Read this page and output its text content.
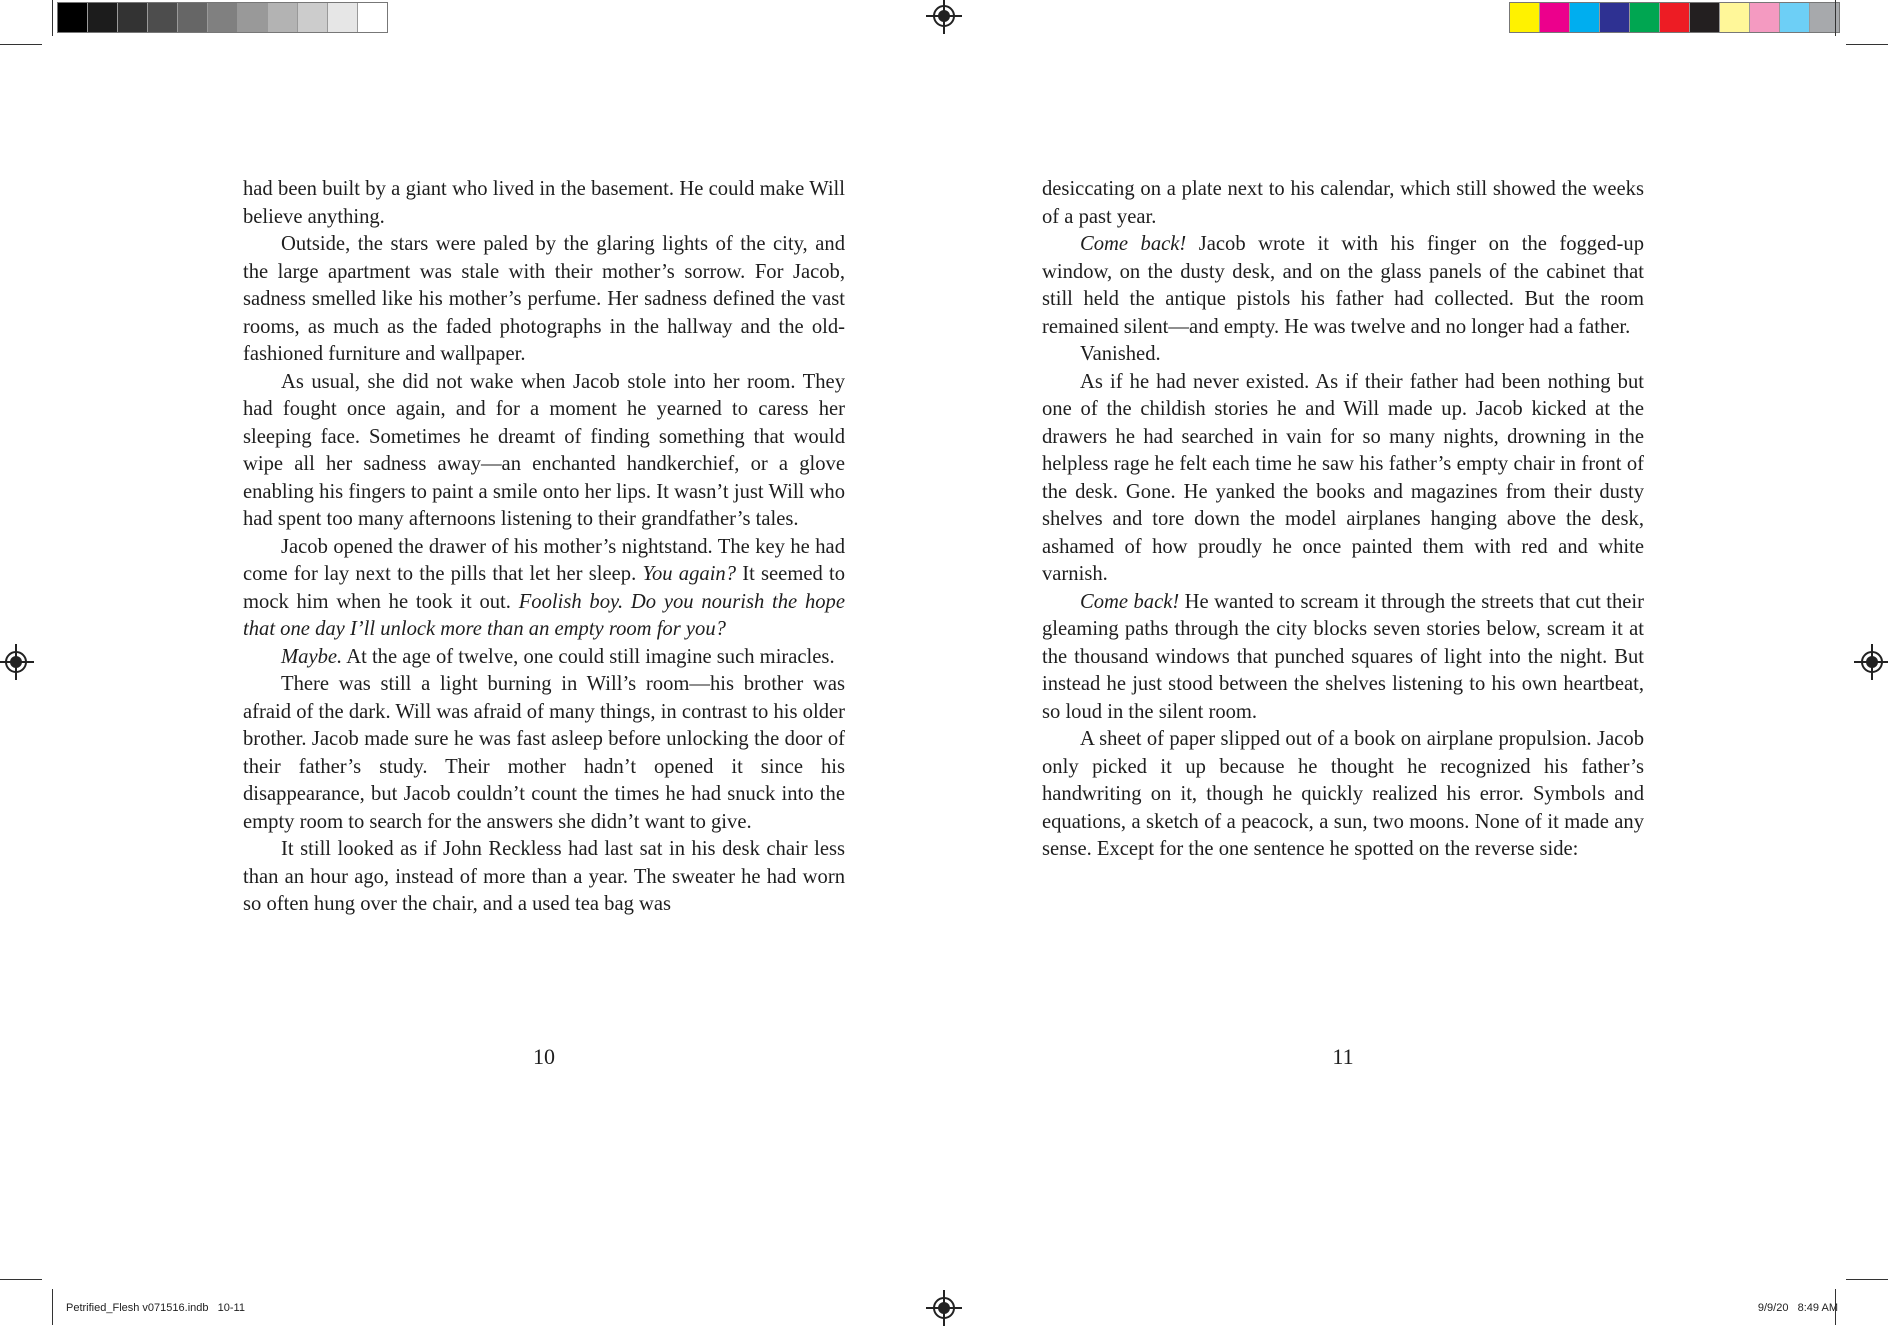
had been built by a giant who lived in the basement. He could make Will believe anything.

Outside, the stars were paled by the glaring lights of the city, and the large apartment was stale with their mother’s sorrow. For Jacob, sadness smelled like his mother’s perfume. Her sadness defined the vast rooms, as much as the faded photographs in the hallway and the old-fashioned furniture and wallpaper.

As usual, she did not wake when Jacob stole into her room. They had fought once again, and for a moment he yearned to caress her sleeping face. Sometimes he dreamt of finding something that would wipe all her sadness away—an enchanted handkerchief, or a glove enabling his fingers to paint a smile onto her lips. It wasn’t just Will who had spent too many afternoons listening to their grandfather’s tales.

Jacob opened the drawer of his mother’s nightstand. The key he had come for lay next to the pills that let her sleep. You again? It seemed to mock him when he took it out. Foolish boy. Do you nourish the hope that one day I’ll unlock more than an empty room for you?

Maybe. At the age of twelve, one could still imagine such miracles.

There was still a light burning in Will’s room—his brother was afraid of the dark. Will was afraid of many things, in contrast to his older brother. Jacob made sure he was fast asleep before unlocking the door of their father’s study. Their mother hadn’t opened it since his disappearance, but Jacob couldn’t count the times he had snuck into the empty room to search for the answers she didn’t want to give.

It still looked as if John Reckless had last sat in his desk chair less than an hour ago, instead of more than a year. The sweater he had worn so often hung over the chair, and a used tea bag was

desiccating on a plate next to his calendar, which still showed the weeks of a past year.

Come back! Jacob wrote it with his finger on the fogged-up window, on the dusty desk, and on the glass panels of the cabinet that still held the antique pistols his father had collected. But the room remained silent—and empty. He was twelve and no longer had a father.

Vanished.

As if he had never existed. As if their father had been nothing but one of the childish stories he and Will made up. Jacob kicked at the drawers he had searched in vain for so many nights, drowning in the helpless rage he felt each time he saw his father’s empty chair in front of the desk. Gone. He yanked the books and magazines from their dusty shelves and tore down the model airplanes hanging above the desk, ashamed of how proudly he once painted them with red and white varnish.

Come back! He wanted to scream it through the streets that cut their gleaming paths through the city blocks seven stories below, scream it at the thousand windows that punched squares of light into the night. But instead he just stood between the shelves listening to his own heartbeat, so loud in the silent room.

A sheet of paper slipped out of a book on airplane propulsion. Jacob only picked it up because he thought he recognized his father’s handwriting on it, though he quickly realized his error. Symbols and equations, a sketch of a peacock, a sun, two moons. None of it made any sense. Except for the one sentence he spotted on the reverse side:

10	11
Petrified_Flesh v071516.indb   10-11	9/9/20   8:49 AM
